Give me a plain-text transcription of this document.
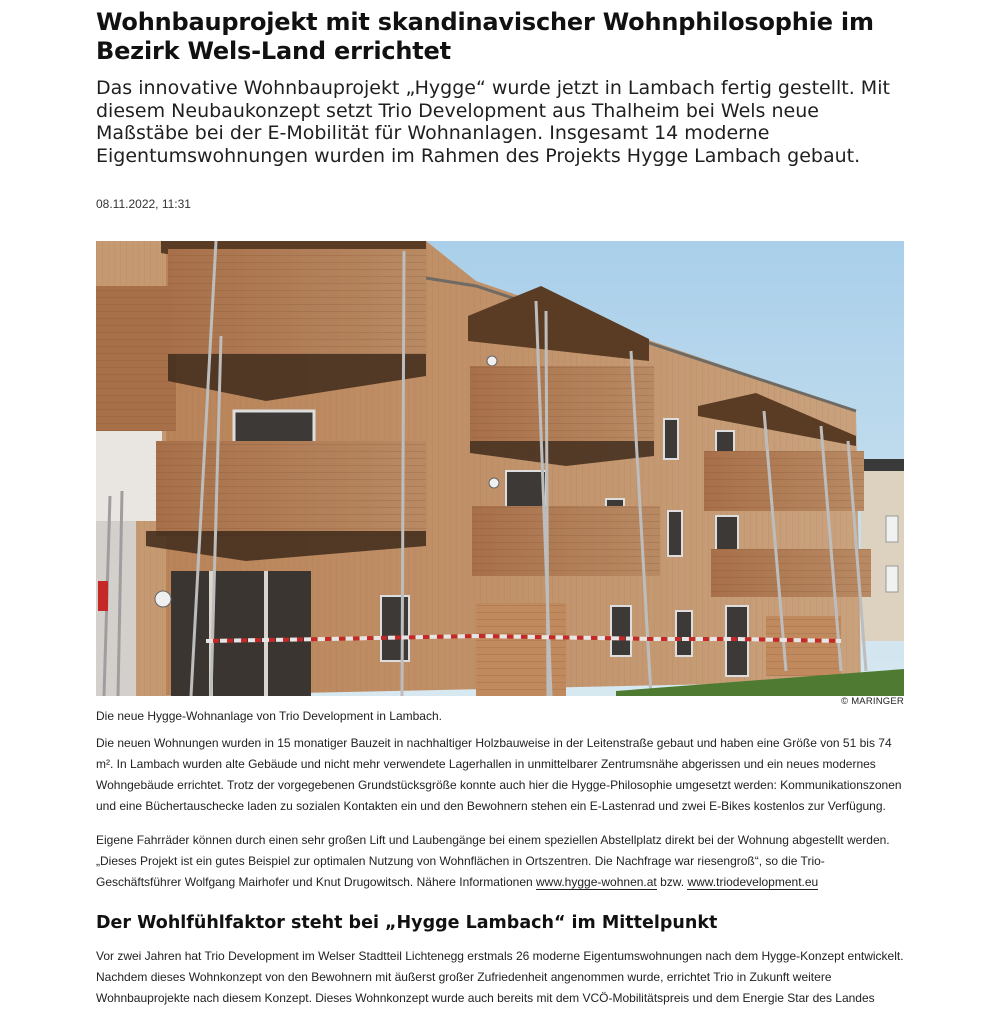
Wohnbauprojekt mit skandinavischer Wohnphilosophie im Bezirk Wels-Land errichtet

Das innovative Wohnbauprojekt „Hygge“ wurde jetzt in Lambach fertig gestellt. Mit diesem Neubaukonzept setzt Trio Development aus Thalheim bei Wels neue Maßstäbe bei der E-Mobilität für Wohnanlagen. Insgesamt 14 moderne Eigentumswohnungen wurden im Rahmen des Projekts Hygge Lambach gebaut.

08.11.2022, 11:31
© MARINGER
Die neue Hygge-Wohnanlage von Trio Development in Lambach.

Die neuen Wohnungen wurden in 15 monatiger Bauzeit in nachhaltiger Holzbauweise in der Leitenstraße gebaut und haben eine Größe von 51 bis 74 m². In Lambach wurden alte Gebäude und nicht mehr verwendete Lagerhallen in unmittelbarer Zentrumsnähe abgerissen und ein neues modernes Wohngebäude errichtet. Trotz der vorgegebenen Grundstücksgröße konnte auch hier die Hygge-Philosophie umgesetzt werden: Kommunikationszonen und eine Büchertauschecke laden zu sozialen Kontakten ein und den Bewohnern stehen ein E-Lastenrad und zwei E-Bikes kostenlos zur Verfügung.

Eigene Fahrräder können durch einen sehr großen Lift und Laubengänge bei einem speziellen Abstellplatz direkt bei der Wohnung abgestellt werden. „Dieses Projekt ist ein gutes Beispiel zur optimalen Nutzung von Wohnflächen in Ortszentren. Die Nachfrage war riesengroß“, so die Trio-Geschäftsführer Wolfgang Mairhofer und Knut Drugowitsch. Nähere Informationen www.hygge-wohnen.at bzw. www.triodevelopment.eu

Der Wohlfühlfaktor steht bei „Hygge Lambach“ im Mittelpunkt

Vor zwei Jahren hat Trio Development im Welser Stadtteil Lichtenegg erstmals 26 moderne Eigentumswohnungen nach dem Hygge-Konzept entwickelt. Nachdem dieses Wohnkonzept von den Bewohnern mit äußerst großer Zufriedenheit angenommen wurde, errichtet Trio in Zukunft weitere Wohnbauprojekte nach diesem Konzept. Dieses Wohnkonzept wurde auch bereits mit dem VCÖ-Mobilitätspreis und dem Energie Star des Landes
